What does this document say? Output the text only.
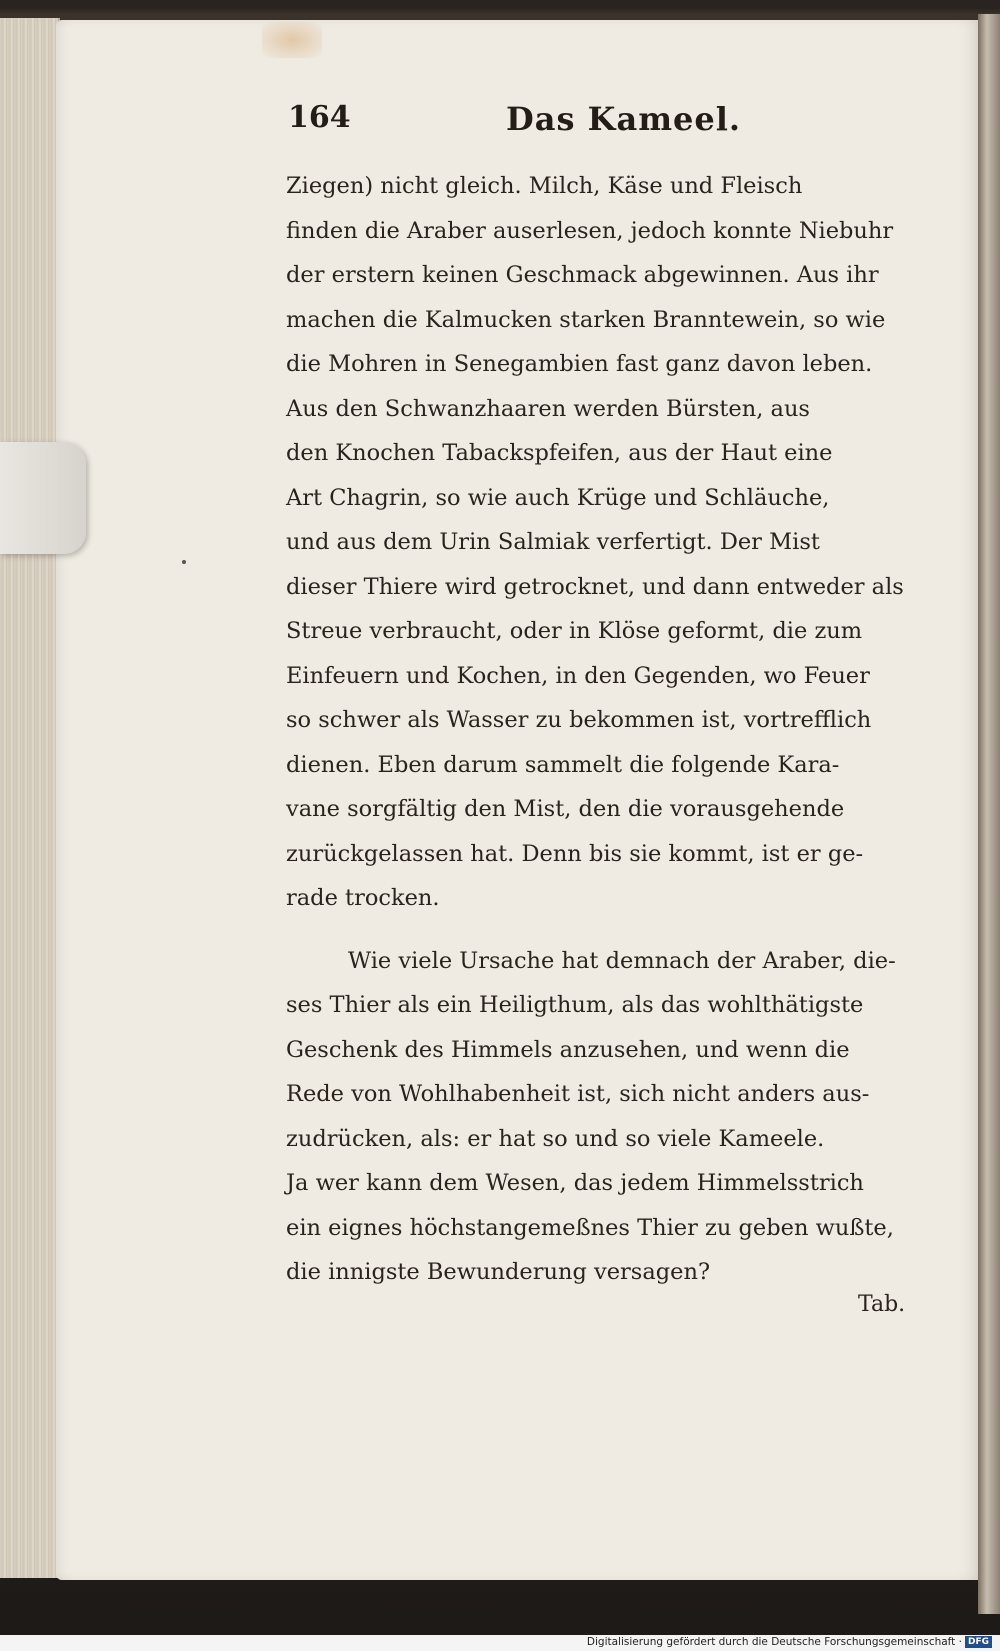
164	Das Kameel.
Ziegen) nicht gleich. Milch, Käse und Fleisch
finden die Araber auserlesen, jedoch konnte Niebuhr
der erstern keinen Geschmack abgewinnen. Aus ihr
machen die Kalmucken starken Branntewein, so wie
die Mohren in Senegambien fast ganz davon leben.
Aus den Schwanzhaaren werden Bürsten, aus
den Knochen Tabackspfeifen, aus der Haut eine
Art Chagrin, so wie auch Krüge und Schläuche,
und aus dem Urin Salmiak verfertigt. Der Mist
dieser Thiere wird getrocknet, und dann entweder als
Streue verbraucht, oder in Klöse geformt, die zum
Einfeuern und Kochen, in den Gegenden, wo Feuer
so schwer als Wasser zu bekommen ist, vortrefflich
dienen. Eben darum sammelt die folgende Kara-
vane sorgfältig den Mist, den die vorausgehende
zurückgelassen hat. Denn bis sie kommt, ist er ge-
rade trocken.
Wie viele Ursache hat demnach der Araber, die-
ses Thier als ein Heiligthum, als das wohlthätigste
Geschenk des Himmels anzusehen, und wenn die
Rede von Wohlhabenheit ist, sich nicht anders aus-
zudrücken, als: er hat so und so viele Kameele.
Ja wer kann dem Wesen, das jedem Himmelsstrich
ein eignes höchstangemeßnes Thier zu geben wußte,
die innigste Bewunderung versagen?
Tab.
Digitalisierung gefördert durch die Deutsche Forschungsgemeinschaft · DFG
